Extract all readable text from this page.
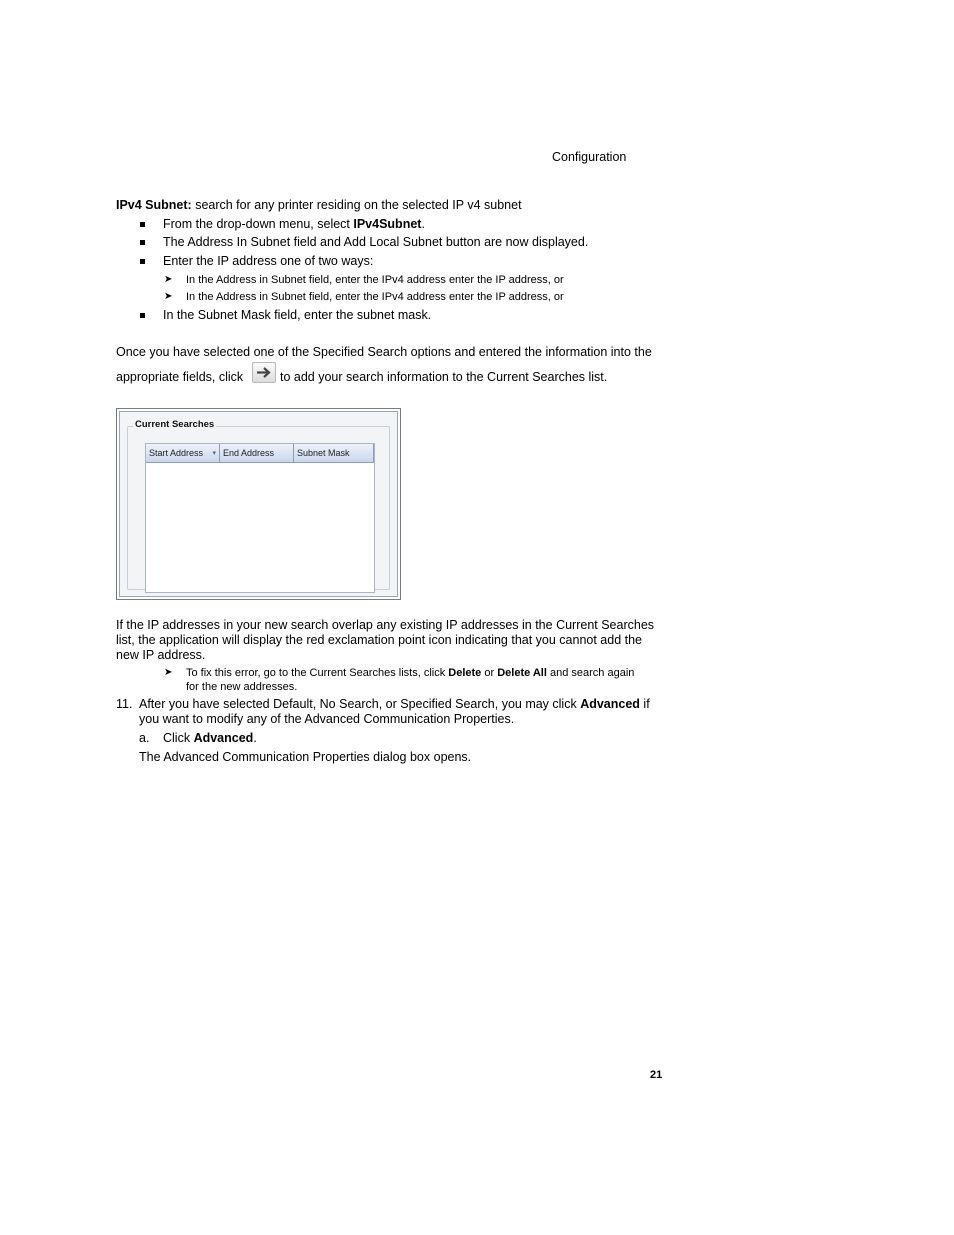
Configuration
IPv4 Subnet: search for any printer residing on the selected IP v4 subnet
From the drop-down menu, select IPv4Subnet.
The Address In Subnet field and Add Local Subnet button are now displayed.
Enter the IP address one of two ways:
➤ In the Address in Subnet field, enter the IPv4 address enter the IP address, or
➤ In the Address in Subnet field, enter the IPv4 address enter the IP address, or
In the Subnet Mask field, enter the subnet mask.
Once you have selected one of the Specified Search options and entered the information into the
appropriate fields, click	to add your search information to the Current Searches list.
Current Searches
Start Address ▾ End Address	Subnet Mask
If the IP addresses in your new search overlap any existing IP addresses in the Current Searches
list, the application will display the red exclamation point icon indicating that you cannot add the
new IP address.
➤ To fix this error, go to the Current Searches lists, click Delete or Delete All and search again
for the new addresses.
11. After you have selected Default, No Search, or Specified Search, you may click Advanced if
you want to modify any of the Advanced Communication Properties.
a. Click Advanced.
The Advanced Communication Properties dialog box opens.
21
